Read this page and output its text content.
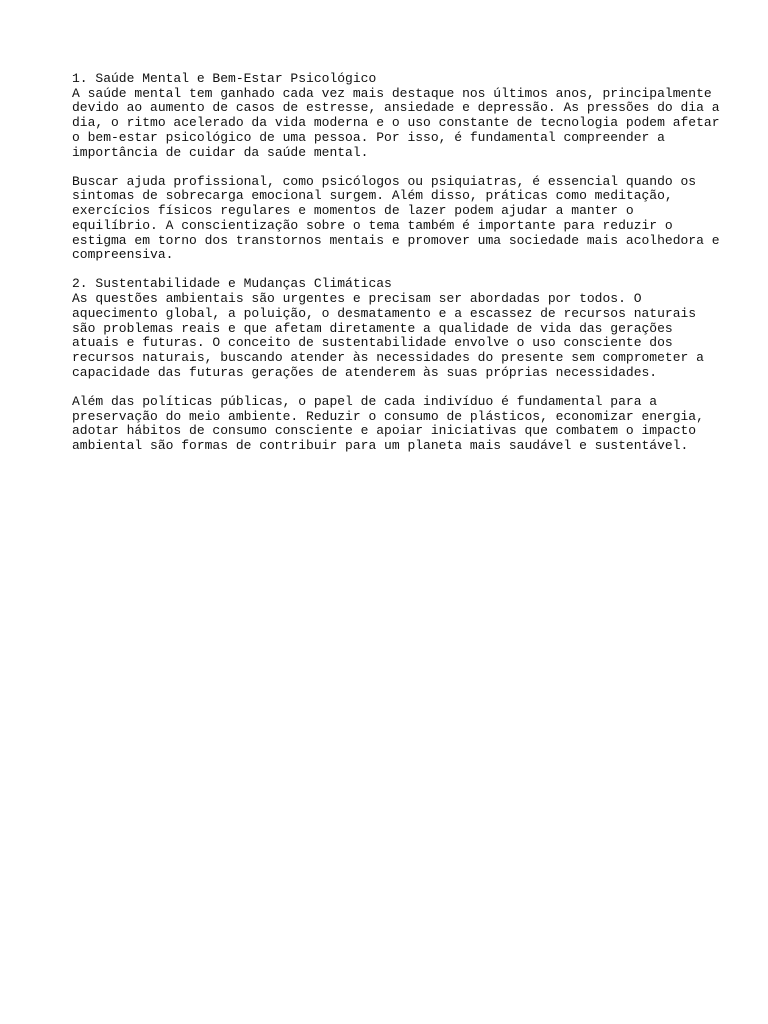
1. Saúde Mental e Bem-Estar Psicológico
A saúde mental tem ganhado cada vez mais destaque nos últimos anos, principalmente
devido ao aumento de casos de estresse, ansiedade e depressão. As pressões do dia a
dia, o ritmo acelerado da vida moderna e o uso constante de tecnologia podem afetar
o bem-estar psicológico de uma pessoa. Por isso, é fundamental compreender a
importância de cuidar da saúde mental.
Buscar ajuda profissional, como psicólogos ou psiquiatras, é essencial quando os
sintomas de sobrecarga emocional surgem. Além disso, práticas como meditação,
exercícios físicos regulares e momentos de lazer podem ajudar a manter o
equilíbrio. A conscientização sobre o tema também é importante para reduzir o
estigma em torno dos transtornos mentais e promover uma sociedade mais acolhedora e
compreensiva.
2. Sustentabilidade e Mudanças Climáticas
As questões ambientais são urgentes e precisam ser abordadas por todos. O
aquecimento global, a poluição, o desmatamento e a escassez de recursos naturais
são problemas reais e que afetam diretamente a qualidade de vida das gerações
atuais e futuras. O conceito de sustentabilidade envolve o uso consciente dos
recursos naturais, buscando atender às necessidades do presente sem comprometer a
capacidade das futuras gerações de atenderem às suas próprias necessidades.
Além das políticas públicas, o papel de cada indivíduo é fundamental para a
preservação do meio ambiente. Reduzir o consumo de plásticos, economizar energia,
adotar hábitos de consumo consciente e apoiar iniciativas que combatem o impacto
ambiental são formas de contribuir para um planeta mais saudável e sustentável.
